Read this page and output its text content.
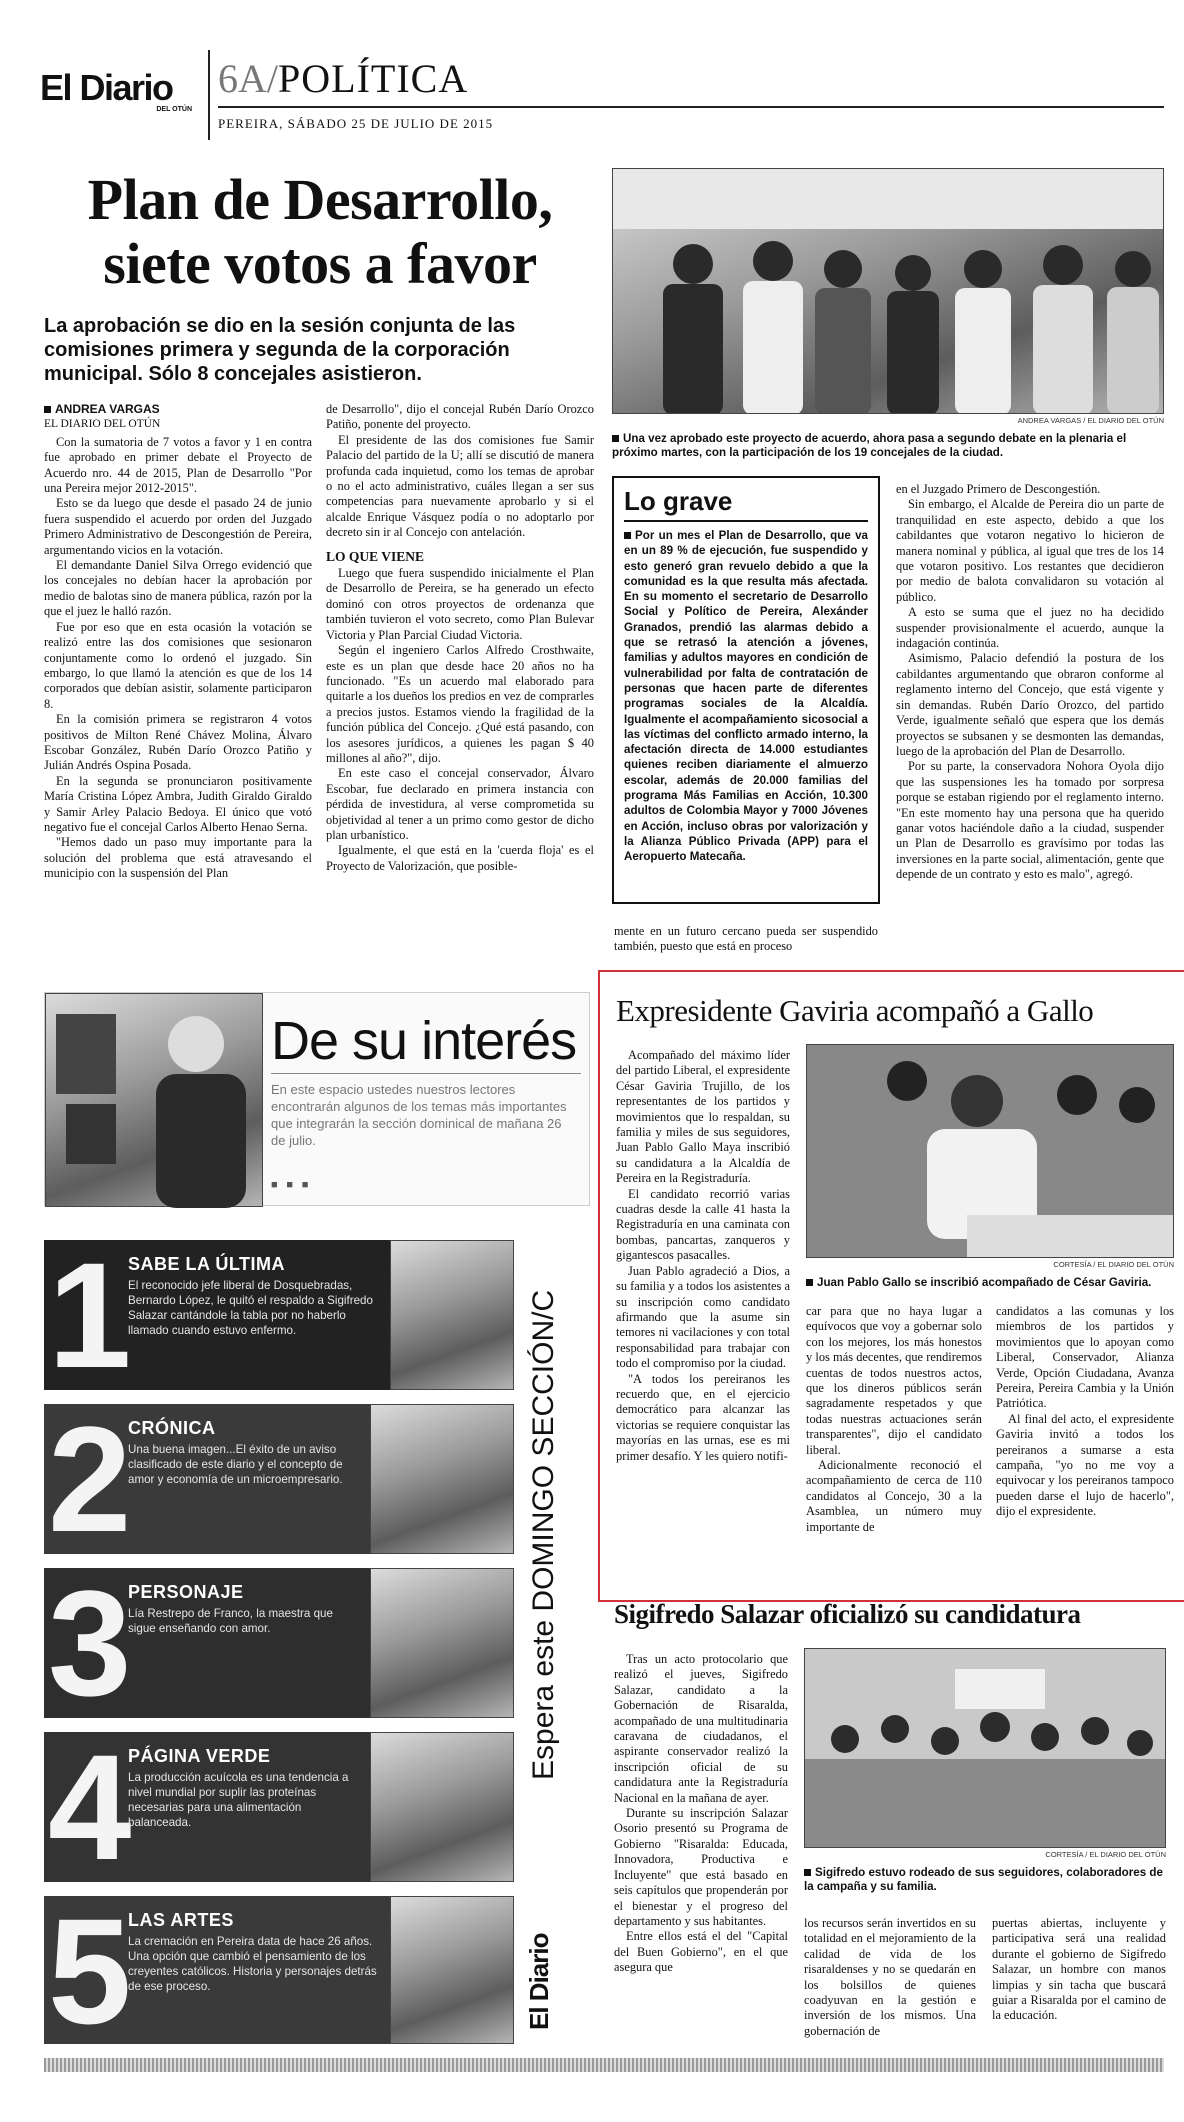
El Diario
DEL OTÚN
6A/POLÍTICA
PEREIRA, SÁBADO 25 DE JULIO DE 2015
Plan de Desarrollo,
siete votos a favor
La aprobación se dio en la sesión conjunta de las comisiones primera y segunda de la corporación municipal. Sólo 8 concejales asistieron.
ANDREA VARGAS
EL DIARIO DEL OTÚN

Con la sumatoria de 7 votos a favor y 1 en contra fue aprobado en primer debate el Proyecto de Acuerdo nro. 44 de 2015, Plan de Desarrollo "Por una Pereira mejor 2012-2015".

Esto se da luego que desde el pasado 24 de junio fuera suspendido el acuerdo por orden del Juzgado Primero Administrativo de Descongestión de Pereira, argumentando vicios en la votación.

El demandante Daniel Silva Orrego evidenció que los concejales no debían hacer la aprobación por medio de balotas sino de manera pública, razón por la que el juez le halló razón.

Fue por eso que en esta ocasión la votación se realizó entre las dos comisiones que sesionaron conjuntamente como lo ordenó el juzgado. Sin embargo, lo que llamó la atención es que de los 14 corporados que debían asistir, solamente participaron 8.

En la comisión primera se registraron 4 votos positivos de Milton René Chávez Molina, Álvaro Escobar González, Rubén Darío Orozco Patiño y Julián Andrés Ospina Posada.

En la segunda se pronunciaron positivamente María Cristina López Ambra, Judith Giraldo Giraldo y Samir Arley Palacio Bedoya. El único que votó negativo fue el concejal Carlos Alberto Henao Serna.

"Hemos dado un paso muy importante para la solución del problema que está atravesando el municipio con la suspensión del Plan

de Desarrollo", dijo el concejal Rubén Darío Orozco Patiño, ponente del proyecto.

El presidente de las dos comisiones fue Samir Palacio del partido de la U; allí se discutió de manera profunda cada inquietud, como los temas de aprobar o no el acto administrativo, cuáles llegan a ser sus competencias para nuevamente aprobarlo y si el alcalde Enrique Vásquez podía o no adoptarlo por decreto sin ir al Concejo con antelación.

LO QUE VIENE

Luego que fuera suspendido inicialmente el Plan de Desarrollo de Pereira, se ha generado un efecto dominó con otros proyectos de ordenanza que también tuvieron el voto secreto, como Plan Bulevar Victoria y Plan Parcial Ciudad Victoria.

Según el ingeniero Carlos Alfredo Crosthwaite, este es un plan que desde hace 20 años no ha funcionado. "Es un acuerdo mal elaborado para quitarle a los dueños los predios en vez de comprarles a precios justos. Estamos viendo la fragilidad de la función pública del Concejo. ¿Qué está pasando, con los asesores jurídicos, a quienes les pagan $ 40 millones al año?", dijo.

En este caso el concejal conservador, Álvaro Escobar, fue declarado en primera instancia con pérdida de investidura, al verse comprometida su objetividad al tener a un primo como gestor de dicho plan urbanístico.

Igualmente, el que está en la 'cuerda floja' es el Proyecto de Valorización, que posible-

ANDREA VARGAS / EL DIARIO DEL OTÚN
Una vez aprobado este proyecto de acuerdo, ahora pasa a segundo debate en la plenaria el próximo martes, con la participación de los 19 concejales de la ciudad.
Lo grave
Por un mes el Plan de Desarrollo, que va en un 89 % de ejecución, fue suspendido y esto generó gran revuelo debido a que la comunidad es la que resulta más afectada. En su momento el secretario de Desarrollo Social y Político de Pereira, Alexánder Granados, prendió las alarmas debido a que se retrasó la atención a jóvenes, familias y adultos mayores en condición de vulnerabilidad por falta de contratación de personas que hacen parte de diferentes programas sociales de la Alcaldía. Igualmente el acompañamiento sicosocial a las víctimas del conflicto armado interno, la afectación directa de 14.000 estudiantes quienes reciben diariamente el almuerzo escolar, además de 20.000 familias del programa Más Familias en Acción, 10.300 adultos de Colombia Mayor y 7000 Jóvenes en Acción, incluso obras por valorización y la Alianza Público Privada (APP) para el Aeropuerto Matecaña.

mente en un futuro cercano pueda ser suspendido también, puesto que está en proceso

en el Juzgado Primero de Descongestión.

Sin embargo, el Alcalde de Pereira dio un parte de tranquilidad en este aspecto, debido a que los cabildantes que votaron negativo lo hicieron de manera nominal y pública, al igual que tres de los 14 que votaron positivo. Los restantes que decidieron por medio de balota convalidaron su votación al público.

A esto se suma que el juez no ha decidido suspender provisionalmente el acuerdo, aunque la indagación continúa.

Asimismo, Palacio defendió la postura de los cabildantes argumentando que obraron conforme al reglamento interno del Concejo, que está vigente y sin demandas. Rubén Darío Orozco, del partido Verde, igualmente señaló que espera que los demás proyectos se subsanen y se desmonten las demandas, luego de la aprobación del Plan de Desarrollo.

Por su parte, la conservadora Nohora Oyola dijo que las suspensiones les ha tomado por sorpresa porque se estaban rigiendo por el reglamento interno. "En este momento hay una persona que ha querido ganar votos haciéndole daño a la ciudad, suspender un Plan de Desarrollo es gravísimo por todas las inversiones en la parte social, alimentación, gente que depende de un contrato y esto es malo", agregó.

De su interés
En este espacio ustedes nuestros lectores encontrarán algunos de los temas más importantes que integrarán la sección dominical de mañana 26 de julio.
■ ■ ■
1
SABE LA ÚLTIMA
El reconocido jefe liberal de Dosquebradas, Bernardo López, le quitó el respaldo a Sigifredo Salazar cantándole la tabla por no haberlo llamado cuando estuvo enfermo.
2
CRÓNICA
Una buena imagen...El éxito de un aviso clasificado de este diario y el concepto de amor y economía de un microempresario.
3
PERSONAJE
Lía Restrepo de Franco, la maestra que sigue enseñando con amor.
4
PÁGINA VERDE
La producción acuícola es una tendencia a nivel mundial por suplir las proteínas necesarias para una alimentación balanceada.
5
LAS ARTES
La cremación en Pereira data de hace 26 años. Una opción que cambió el pensamiento de los creyentes católicos. Historia y personajes detrás de ese proceso.
Espera este DOMINGO SECCIÓN/C
El Diario
Expresidente Gaviria acompañó a Gallo

Acompañado del máximo líder del partido Liberal, el expresidente César Gaviria Trujillo, de los representantes de los partidos y movimientos que lo respaldan, su familia y miles de sus seguidores, Juan Pablo Gallo Maya inscribió su candidatura a la Alcaldía de Pereira en la Registraduría.

El candidato recorrió varias cuadras desde la calle 41 hasta la Registraduría en una caminata con bombas, pancartas, zanqueros y gigantescos pasacalles.

Juan Pablo agradeció a Dios, a su familia y a todos los asistentes a su inscripción como candidato afirmando que la asume sin temores ni vacilaciones y con total responsabilidad para trabajar con todo el compromiso por la ciudad.

"A todos los pereiranos les recuerdo que, en el ejercicio democrático para alcanzar las victorias se requiere conquistar las mayorías en las urnas, ese es mi primer desafío. Y les quiero notifi-

CORTESÍA / EL DIARIO DEL OTÚN
Juan Pablo Gallo se inscribió acompañado de César Gaviria.

car para que no haya lugar a equívocos que voy a gobernar solo con los mejores, los más honestos y los más decentes, que rendiremos cuentas de todos nuestros actos, que los dineros públicos serán sagradamente respetados y que todas nuestras actuaciones serán transparentes", dijo el candidato liberal.

Adicionalmente reconoció el acompañamiento de cerca de 110 candidatos al Concejo, 30 a la Asamblea, un número muy importante de

candidatos a las comunas y los miembros de los partidos y movimientos que lo apoyan como Liberal, Conservador, Alianza Verde, Opción Ciudadana, Avanza Pereira, Pereira Cambia y la Unión Patriótica.

Al final del acto, el expresidente Gaviria invitó a todos los pereiranos a sumarse a esta campaña, "yo no me voy a equivocar y los pereiranos tampoco pueden darse el lujo de hacerlo", dijo el expresidente.

Sigifredo Salazar oficializó su candidatura

Tras un acto protocolario que realizó el jueves, Sigifredo Salazar, candidato a la Gobernación de Risaralda, acompañado de una multitudinaria caravana de ciudadanos, el aspirante conservador realizó la inscripción oficial de su candidatura ante la Registraduría Nacional en la mañana de ayer.

Durante su inscripción Salazar Osorio presentó su Programa de Gobierno "Risaralda: Educada, Innovadora, Productiva e Incluyente" que está basado en seis capítulos que propenderán por el bienestar y el progreso del departamento y sus habitantes.

Entre ellos está el del "Capital del Buen Gobierno", en el que asegura que

CORTESÍA / EL DIARIO DEL OTÚN
Sigifredo estuvo rodeado de sus seguidores, colaboradores de la campaña y su familia.

los recursos serán invertidos en su totalidad en el mejoramiento de la calidad de vida de los risaraldenses y no se quedarán en los bolsillos de quienes coadyuvan en la gestión e inversión de los mismos. Una gobernación de

puertas abiertas, incluyente y participativa será una realidad durante el gobierno de Sigifredo Salazar, un hombre con manos limpias y sin tacha que buscará guiar a Risaralda por el camino de la educación.
